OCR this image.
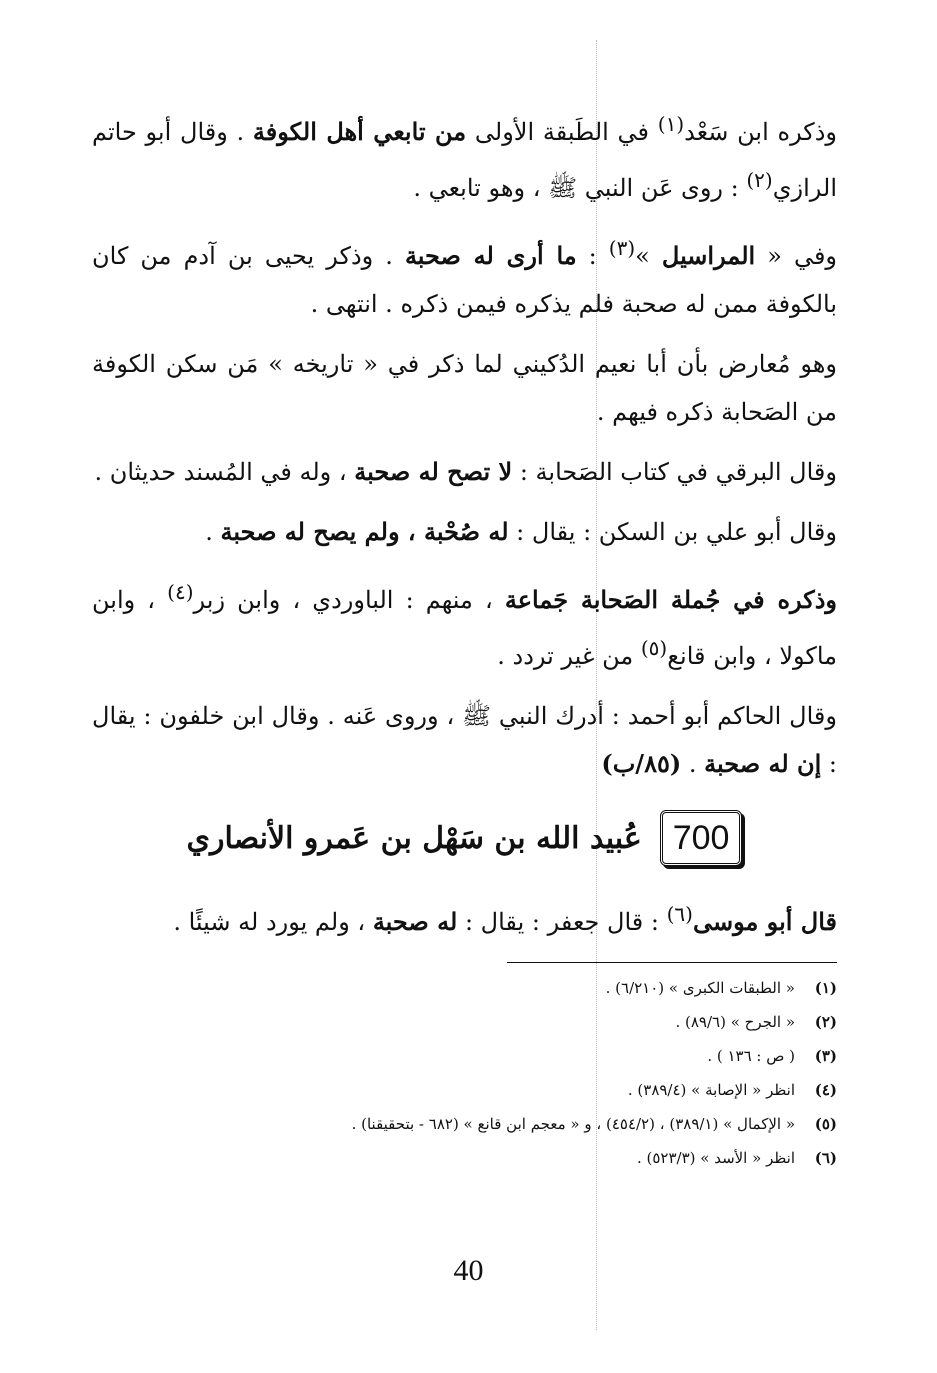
وذكره ابن سَعْد$^{(١)}$ في الطَبقة الأولى من تابعي أهل الكوفة . وقال أبو حاتم الرازي$^{(٢)}$ : روى عَن النبي ﷺ ، وهو تابعي .

وفي « المراسيل »$^{(٣)}$ : ما أرى له صحبة . وذكر يحيى بن آدم من كان بالكوفة ممن له صحبة فلم يذكره فيمن ذكره . انتهى .

وهو مُعارض بأن أبا نعيم الدُكيني لما ذكر في « تاريخه » مَن سكن الكوفة من الصَحابة ذكره فيهم .

وقال البرقي في كتاب الصَحابة : لا تصح له صحبة ، وله في المُسند حديثان .

وقال أبو علي بن السكن : يقال : له صُحْبة ، ولم يصح له صحبة .

وذكره في جُملة الصَحابة جَماعة ، منهم : الباوردي ، وابن زبر$^{(٤)}$ ، وابن ماكولا ، وابن قانع$^{(٥)}$ من غير تردد .

وقال الحاكم أبو أحمد : أدرك النبي ﷺ ، وروى عَنه . وقال ابن خلفون : يقال : إن له صحبة . (٨٥/ب)

700
عُبيد الله بن سَهْل بن عَمرو الأنصاري

قال أبو موسى$^{(٦)}$ : قال جعفر : يقال : له صحبة ، ولم يورد له شيئًا .

(١)
« الطبقات الكبرى » (٦/٢١٠) .
(٢)
« الجرح » (٨٩/٦) .
(٣)
( ص : ١٣٦ ) .
(٤)
انظر « الإصابة » (٣٨٩/٤) .
(٥)
« الإكمال » (٣٨٩/١) ، (٤٥٤/٢) ، و « معجم ابن قانع » (٦٨٢ - بتحقيقنا) .
(٦)
انظر « الأسد » (٥٢٣/٣) .
40
